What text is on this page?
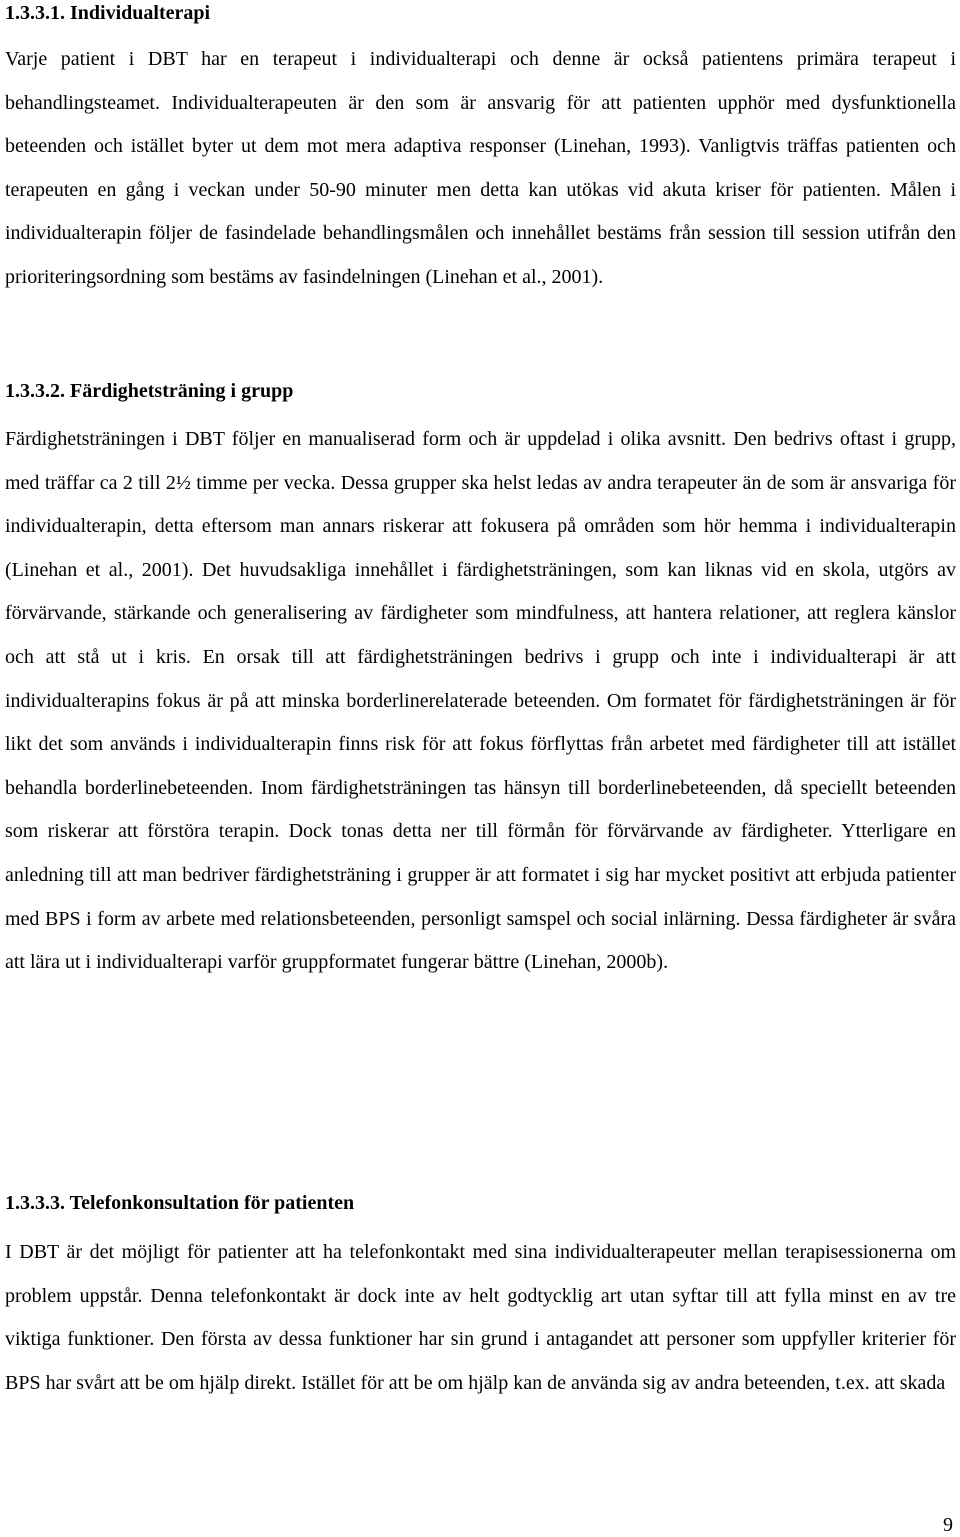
1.3.3.1. Individualterapi

Varje patient i DBT har en terapeut i individualterapi och denne är också patientens primära terapeut i behandlingsteamet. Individualterapeuten är den som är ansvarig för att patienten upphör med dysfunktionella beteenden och istället byter ut dem mot mera adaptiva responser (Linehan, 1993). Vanligtvis träffas patienten och terapeuten en gång i veckan under 50-90 minuter men detta kan utökas vid akuta kriser för patienten. Målen i individualterapin följer de fasindelade behandlingsmålen och innehållet bestäms från session till session utifrån den prioriteringsordning som bestäms av fasindelningen (Linehan et al., 2001).

1.3.3.2. Färdighetsträning i grupp

Färdighetsträningen i DBT följer en manualiserad form och är uppdelad i olika avsnitt. Den bedrivs oftast i grupp, med träffar ca 2 till 2½ timme per vecka. Dessa grupper ska helst ledas av andra terapeuter än de som är ansvariga för individualterapin, detta eftersom man annars riskerar att fokusera på områden som hör hemma i individualterapin (Linehan et al., 2001). Det huvudsakliga innehållet i färdighetsträningen, som kan liknas vid en skola, utgörs av förvärvande, stärkande och generalisering av färdigheter som mindfulness, att hantera relationer, att reglera känslor och att stå ut i kris. En orsak till att färdighetsträningen bedrivs i grupp och inte i individualterapi är att individualterapins fokus är på att minska borderlinerelaterade beteenden. Om formatet för färdighetsträningen är för likt det som används i individualterapin finns risk för att fokus förflyttas från arbetet med färdigheter till att istället behandla borderlinebeteenden. Inom färdighetsträningen tas hänsyn till borderlinebeteenden, då speciellt beteenden som riskerar att förstöra terapin. Dock tonas detta ner till förmån för förvärvande av färdigheter. Ytterligare en anledning till att man bedriver färdighetsträning i grupper är att formatet i sig har mycket positivt att erbjuda patienter med BPS i form av arbete med relationsbeteenden, personligt samspel och social inlärning. Dessa färdigheter är svåra att lära ut i individualterapi varför gruppformatet fungerar bättre (Linehan, 2000b).

1.3.3.3. Telefonkonsultation för patienten

I DBT är det möjligt för patienter att ha telefonkontakt med sina individualterapeuter mellan terapisessionerna om problem uppstår. Denna telefonkontakt är dock inte av helt godtycklig art utan syftar till att fylla minst en av tre viktiga funktioner. Den första av dessa funktioner har sin grund i antagandet att personer som uppfyller kriterier för BPS har svårt att be om hjälp direkt. Istället för att be om hjälp kan de använda sig av andra beteenden, t.ex. att skada

9
